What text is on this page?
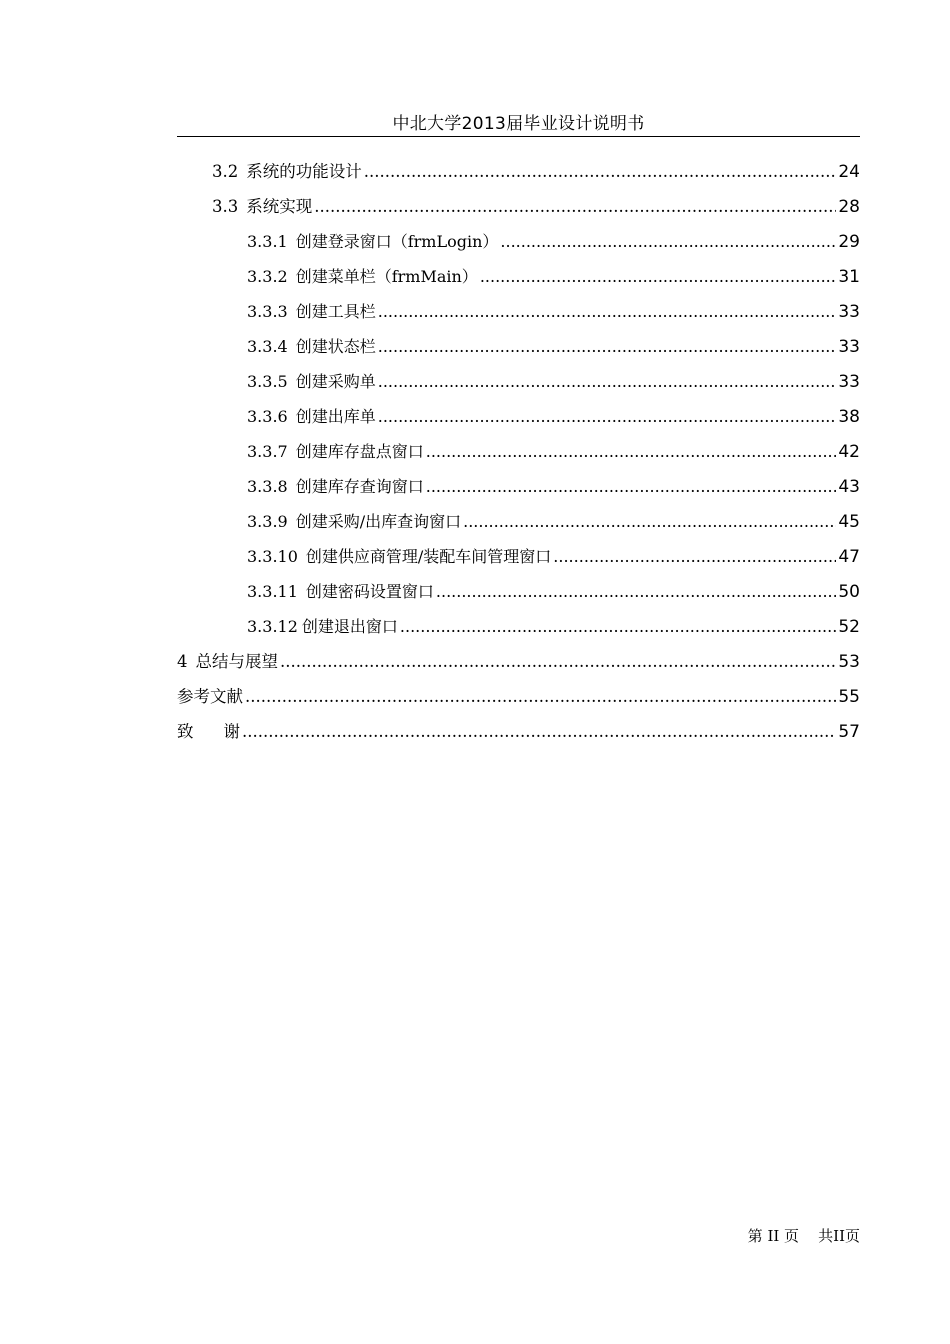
中北大学2013届毕业设计说明书
3.2 系统的功能设计 .....	24
3.3 系统实现 .....	28
3.3.1 创建登录窗口（frmLogin） .....	29
3.3.2 创建菜单栏（frmMain） .....	31
3.3.3 创建工具栏 .....	33
3.3.4 创建状态栏 .....	33
3.3.5 创建采购单 .....	33
3.3.6 创建出库单 .....	38
3.3.7 创建库存盘点窗口 .....	42
3.3.8 创建库存查询窗口 .....	43
3.3.9 创建采购/出库查询窗口 .....	45
3.3.10 创建供应商管理/装配车间管理窗口 .....	47
3.3.11 创建密码设置窗口 .....	50
3.3.12 创建退出窗口 .....	52
4 总结与展望 .....	53
参考文献 .....	55
致	谢 .....	57
第 II 页 共II页
